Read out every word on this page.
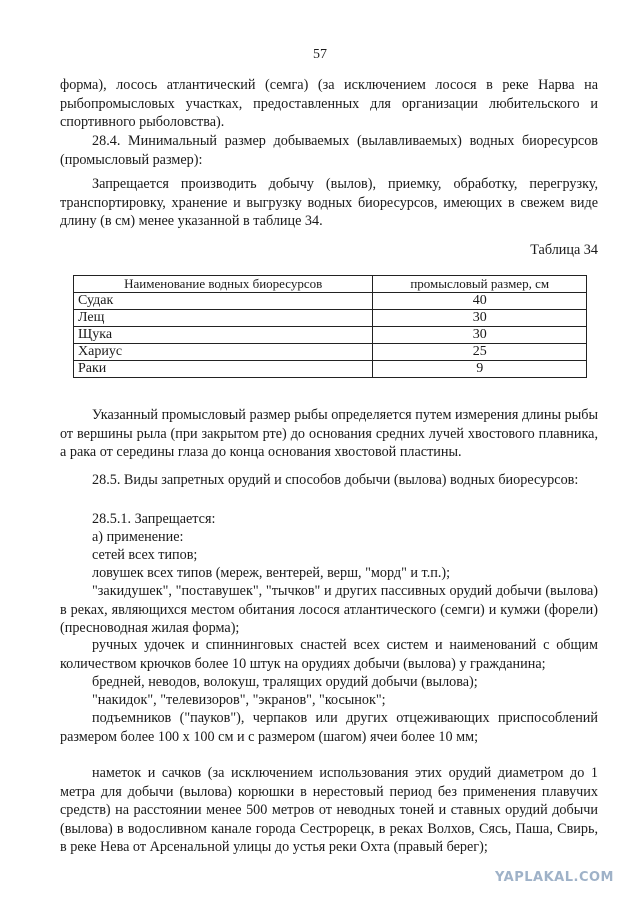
57

форма), лосось атлантический (семга) (за исключением лосося в реке Нарва на рыбопромысловых участках, предоставленных для организации любительского и спортивного рыболовства).

28.4. Минимальный размер добываемых (вылавливаемых) водных биоресурсов (промысловый размер):

Запрещается производить добычу (вылов), приемку, обработку, перегрузку, транспортировку, хранение и выгрузку водных биоресурсов, имеющих в свежем виде длину (в см) менее указанной в таблице 34.

Таблица 34
Наименование водных биоресурсов	промысловый размер, см
Судак	40
Лещ	30
Щука	30
Хариус	25
Раки	9

Указанный промысловый размер рыбы определяется путем измерения длины рыбы от вершины рыла (при закрытом рте) до основания средних лучей хвостового плавника, а рака от середины глаза до конца основания хвостовой пластины.

28.5. Виды запретных орудий и способов добычи (вылова) водных биоресурсов:

28.5.1. Запрещается:

а) применение:

сетей всех типов;

ловушек всех типов (мереж, вентерей, верш, "морд" и т.п.);

"закидушек", "поставушек", "тычков" и других пассивных орудий добычи (вылова) в реках, являющихся местом обитания лосося атлантического (семги) и кумжи (форели) (пресноводная жилая форма);

ручных удочек и спиннинговых снастей всех систем и наименований с общим количеством крючков более 10 штук на орудиях добычи (вылова) у гражданина;

бредней, неводов, волокуш, тралящих орудий добычи (вылова);

"накидок", "телевизоров", "экранов", "косынок";

подъемников ("пауков"), черпаков или других отцеживающих приспособлений размером более 100 х 100 см и с размером (шагом) ячеи более 10 мм;

наметок и сачков (за исключением использования этих орудий диаметром до 1 метра для добычи (вылова) корюшки в нерестовый период без применения плавучих средств) на расстоянии менее 500 метров от неводных тоней и ставных орудий добычи (вылова) в водосливном канале города Сестрорецк, в реках Волхов, Сясь, Паша, Свирь, в реке Нева от Арсенальной улицы до устья реки Охта (правый берег);

YAPLAKAL.COM
